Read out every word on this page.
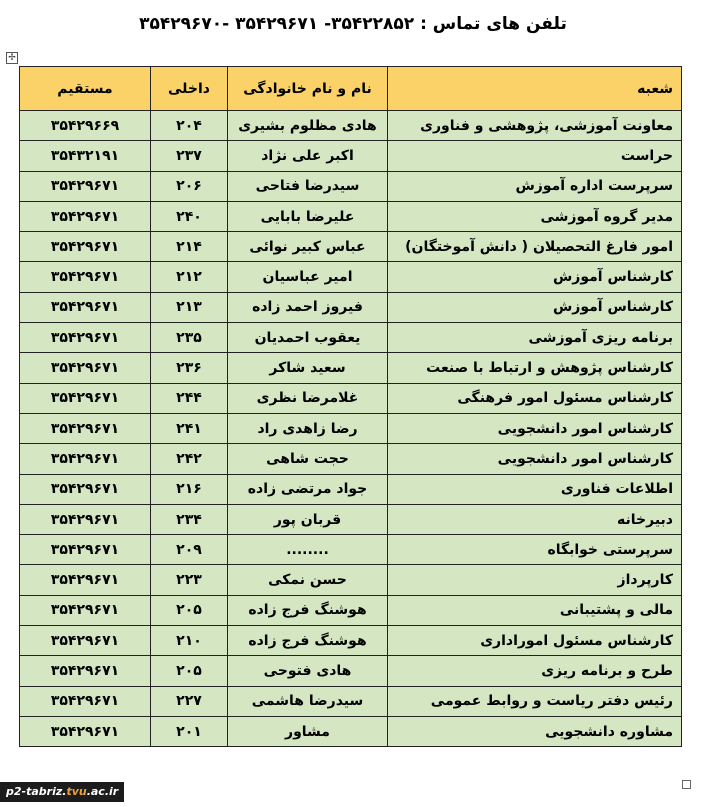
تلفن های تماس : ۳۵۴۲۲۸۵۲- ۳۵۴۲۹۶۷۱ -۳۵۴۲۹۶۷۰
✢
شعبه	نام و نام خانوادگی	داخلی	مستقیم
معاونت آموزشی، پژوهشی و فناوری	هادی مظلوم بشیری	۲۰۴	۳۵۴۲۹۶۶۹
حراست	اکبر علی نژاد	۲۳۷	۳۵۴۳۲۱۹۱
سرپرست اداره آموزش	سیدرضا فتاحی	۲۰۶	۳۵۴۲۹۶۷۱
مدیر گروه آموزشی	علیرضا بابایی	۲۴۰	۳۵۴۲۹۶۷۱
امور فارغ التحصیلان ( دانش آموختگان)	عباس کبیر نوائی	۲۱۴	۳۵۴۲۹۶۷۱
کارشناس آموزش	امیر عباسیان	۲۱۲	۳۵۴۲۹۶۷۱
کارشناس آموزش	فیروز احمد زاده	۲۱۳	۳۵۴۲۹۶۷۱
برنامه ریزی آموزشی	یعقوب احمدیان	۲۳۵	۳۵۴۲۹۶۷۱
کارشناس پژوهش و ارتباط با صنعت	سعید شاکر	۲۳۶	۳۵۴۲۹۶۷۱
کارشناس مسئول امور فرهنگی	غلامرضا نظری	۲۴۴	۳۵۴۲۹۶۷۱
کارشناس امور دانشجویی	رضا زاهدی راد	۲۴۱	۳۵۴۲۹۶۷۱
کارشناس امور دانشجویی	حجت شاهی	۲۴۲	۳۵۴۲۹۶۷۱
اطلاعات فناوری	جواد مرتضی زاده	۲۱۶	۳۵۴۲۹۶۷۱
دبیرخانه	قربان پور	۲۳۴	۳۵۴۲۹۶۷۱
سرپرستی خوابگاه	........	۲۰۹	۳۵۴۲۹۶۷۱
کارپرداز	حسن نمکی	۲۲۳	۳۵۴۲۹۶۷۱
مالی و پشتیبانی	هوشنگ فرج زاده	۲۰۵	۳۵۴۲۹۶۷۱
کارشناس مسئول اموراداری	هوشنگ فرج زاده	۲۱۰	۳۵۴۲۹۶۷۱
طرح و برنامه ریزی	هادی فتوحی	۲۰۵	۳۵۴۲۹۶۷۱
رئیس دفتر ریاست و روابط عمومی	سیدرضا هاشمی	۲۲۷	۳۵۴۲۹۶۷۱
مشاوره دانشجویی	مشاور	۲۰۱	۳۵۴۲۹۶۷۱
p2-tabriz.tvu.ac.ir
